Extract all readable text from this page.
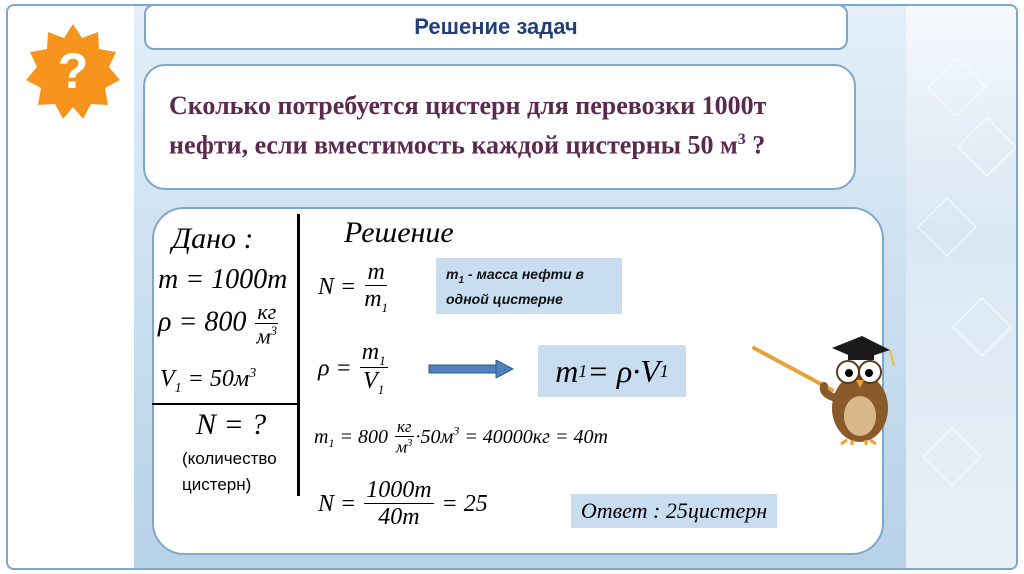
?
Решение задач

Сколько потребуется цистерн для перевозки 1000т

нефти, если вместимость каждой цистерны 50 $м^3$ ?

Дано :
m = 1000m
$\rho = 800 \frac{кг}{м^3}$
$V_1 = 50м^3$
N = ?
(количество
цистерн)
Решение
$N = \frac{m}{m_1}$	$m_1$ - масса нефти в одной цистерне
$\rho = \frac{m_1}{V_1}$	m 1 = ρ·V 1
$m_1 = 800 \frac{кг}{м^3} \cdot 50м^3 = 40000кг = 40т$
$N = \frac{1000m}{40m} = 25$	Ответ : 25цистерн
